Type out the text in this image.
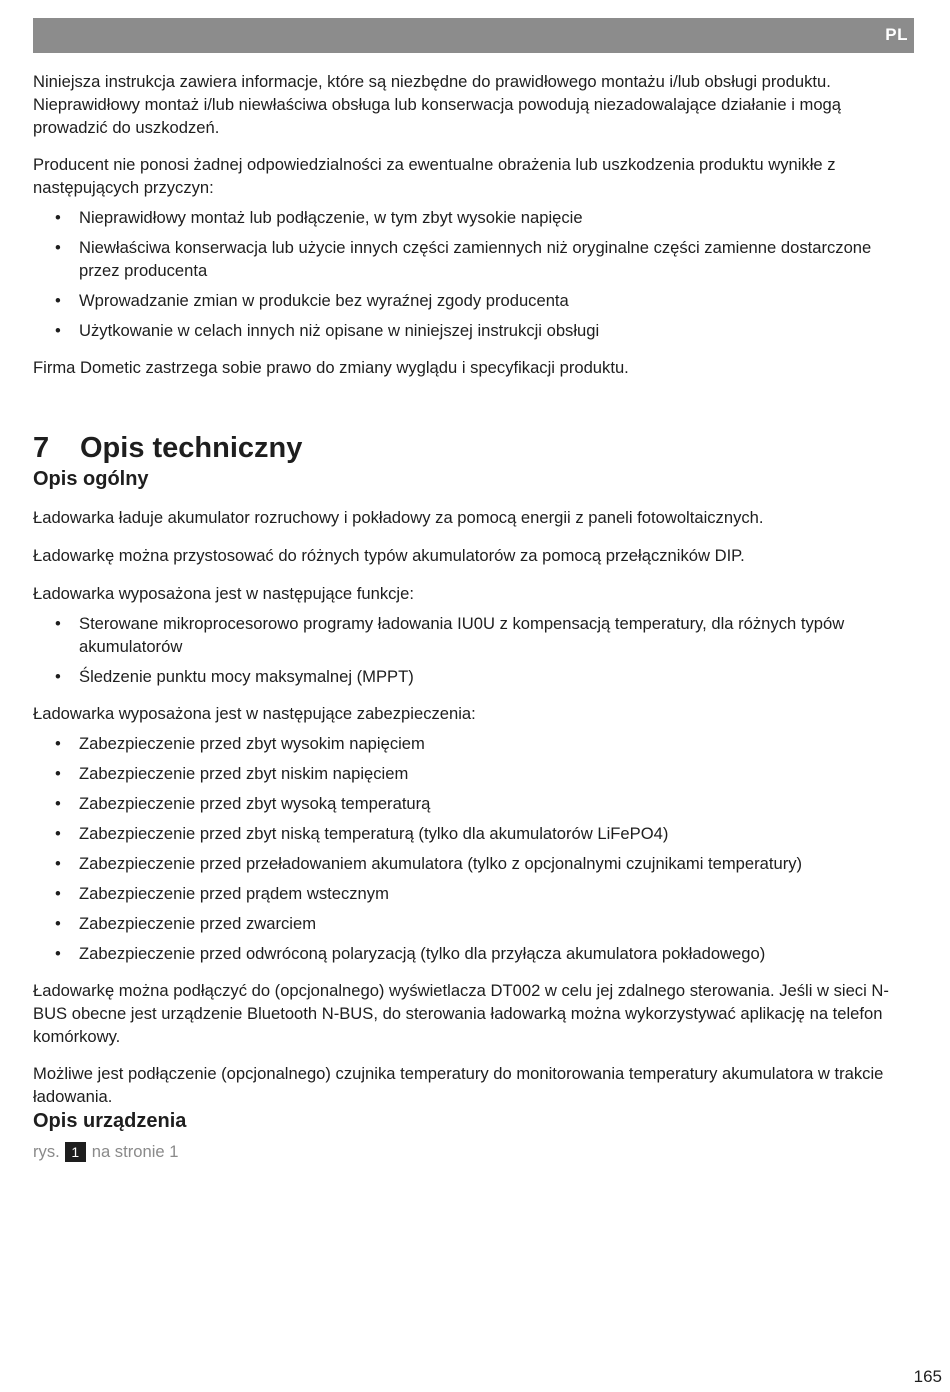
PL

Niniejsza instrukcja zawiera informacje, które są niezbędne do prawidłowego montażu i/lub obsługi produktu. Nieprawidłowy montaż i/lub niewłaściwa obsługa lub konserwacja powodują niezadowalające działanie i mogą prowadzić do uszkodzeń.

Producent nie ponosi żadnej odpowiedzialności za ewentualne obrażenia lub uszkodzenia produktu wynikłe z następujących przyczyn:

• Nieprawidłowy montaż lub podłączenie, w tym zbyt wysokie napięcie
• Niewłaściwa konserwacja lub użycie innych części zamiennych niż oryginalne części zamienne dostarczone przez producenta
• Wprowadzanie zmian w produkcie bez wyraźnej zgody producenta
• Użytkowanie w celach innych niż opisane w niniejszej instrukcji obsługi

Firma Dometic zastrzega sobie prawo do zmiany wyglądu i specyfikacji produktu.

7	Opis techniczny
Opis ogólny

Ładowarka ładuje akumulator rozruchowy i pokładowy za pomocą energii z paneli fotowoltaicznych.

Ładowarkę można przystosować do różnych typów akumulatorów za pomocą przełączników DIP.

Ładowarka wyposażona jest w następujące funkcje:

• Sterowane mikroprocesorowo programy ładowania IU0U z kompensacją temperatury, dla różnych typów akumulatorów
• Śledzenie punktu mocy maksymalnej (MPPT)

Ładowarka wyposażona jest w następujące zabezpieczenia:

• Zabezpieczenie przed zbyt wysokim napięciem
• Zabezpieczenie przed zbyt niskim napięciem
• Zabezpieczenie przed zbyt wysoką temperaturą
• Zabezpieczenie przed zbyt niską temperaturą (tylko dla akumulatorów LiFePO4)
• Zabezpieczenie przed przeładowaniem akumulatora (tylko z opcjonalnymi czujnikami temperatury)
• Zabezpieczenie przed prądem wstecznym
• Zabezpieczenie przed zwarciem
• Zabezpieczenie przed odwróconą polaryzacją (tylko dla przyłącza akumulatora pokładowego)

Ładowarkę można podłączyć do (opcjonalnego) wyświetlacza DT002 w celu jej zdalnego sterowania. Jeśli w sieci N-BUS obecne jest urządzenie Bluetooth N-BUS, do sterowania ładowarką można wykorzystywać aplikację na telefon komórkowy.

Możliwe jest podłączenie (opcjonalnego) czujnika temperatury do monitorowania temperatury akumulatora w trakcie ładowania.

Opis urządzenia
rys. 1 na stronie 1
165
